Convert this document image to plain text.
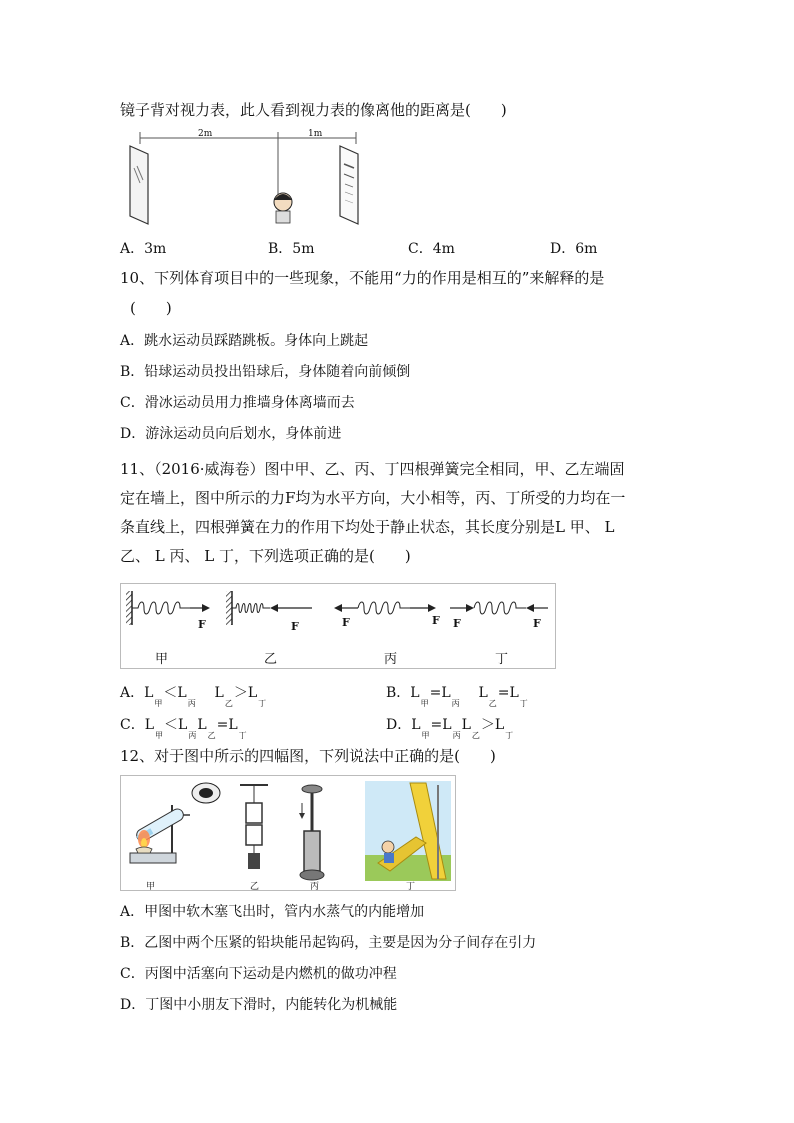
镜子背对视力表，此人看到视力表的像离他的距离是(　　)
2m	1m
A．3m	B．5m	C．4m	D．6m
10、下列体育项目中的一些现象，不能用“力的作用是相互的”来解释的是
(　　)
A．跳水运动员踩踏跳板。身体向上跳起
B．铅球运动员投出铅球后，身体随着向前倾倒
C．滑冰运动员用力推墙身体离墙而去
D．游泳运动员向后划水，身体前进
11、（2016·威海卷）图中甲、乙、丙、丁四根弹簧完全相同，甲、乙左端固
定在墙上，图中所示的力F均为水平方向，大小相等，丙、丁所受的力均在一
条直线上，四根弹簧在力的作用下均处于静止状态，其长度分别是L 甲、 L
乙、 L 丙、 L 丁，下列选项正确的是(　　)
F	F	F	F F	F
甲	乙	丙	丁
A．$L_甲<L_丙$    $L_乙>L_丁$
B．$L_甲=L_丙$    $L_乙=L_丁$
C．$L_甲<L_丙L_乙=L_丁$
D．$L_甲=L_丙L_乙>L_丁$
12、对于图中所示的四幅图，下列说法中正确的是(　　)
甲	乙	丙	丁
A．甲图中软木塞飞出时，管内水蒸气的内能增加
B．乙图中两个压紧的铅块能吊起钩码，主要是因为分子间存在引力
C．丙图中活塞向下运动是内燃机的做功冲程
D．丁图中小朋友下滑时，内能转化为机械能
